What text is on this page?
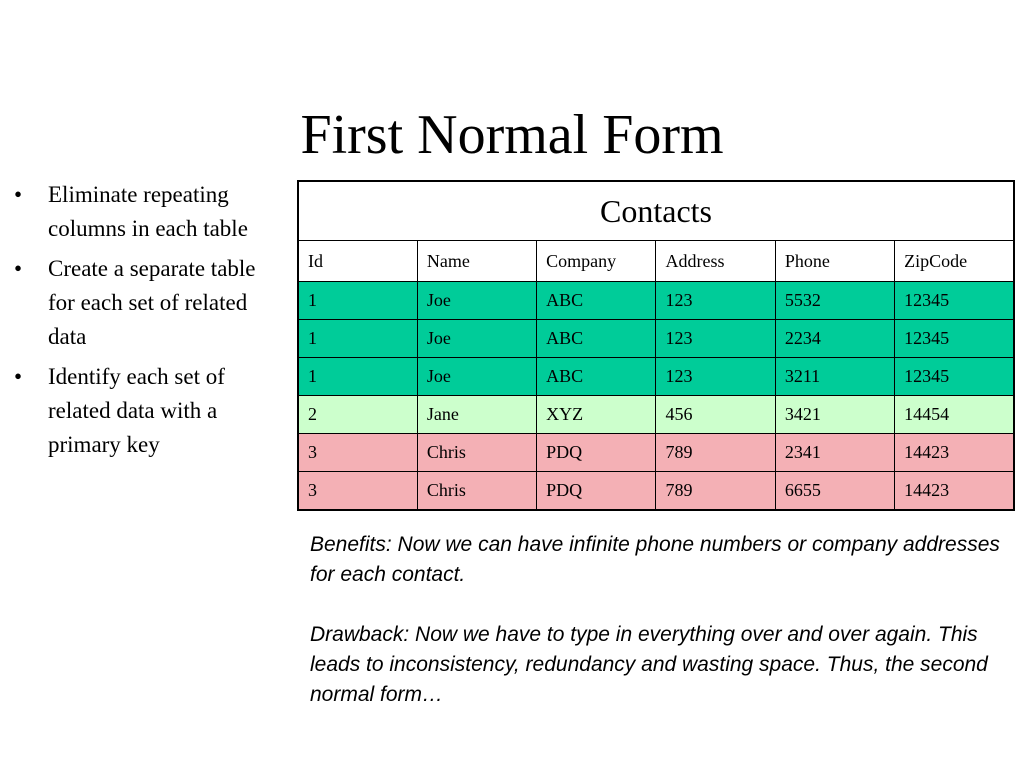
First Normal Form
• Eliminate repeating columns in each table
• Create a separate table for each set of related data
• Identify each set of related data with a primary key
Contacts					
Id	Name	Company	Address	Phone	ZipCode
1	Joe	ABC	123	5532	12345
1	Joe	ABC	123	2234	12345
1	Joe	ABC	123	3211	12345
2	Jane	XYZ	456	3421	14454
3	Chris	PDQ	789	2341	14423
3	Chris	PDQ	789	6655	14423

Benefits: Now we can have infinite phone numbers or company addresses for each contact.

Drawback: Now we have to type in everything over and over again. This leads to inconsistency, redundancy and wasting space. Thus, the second normal form…
